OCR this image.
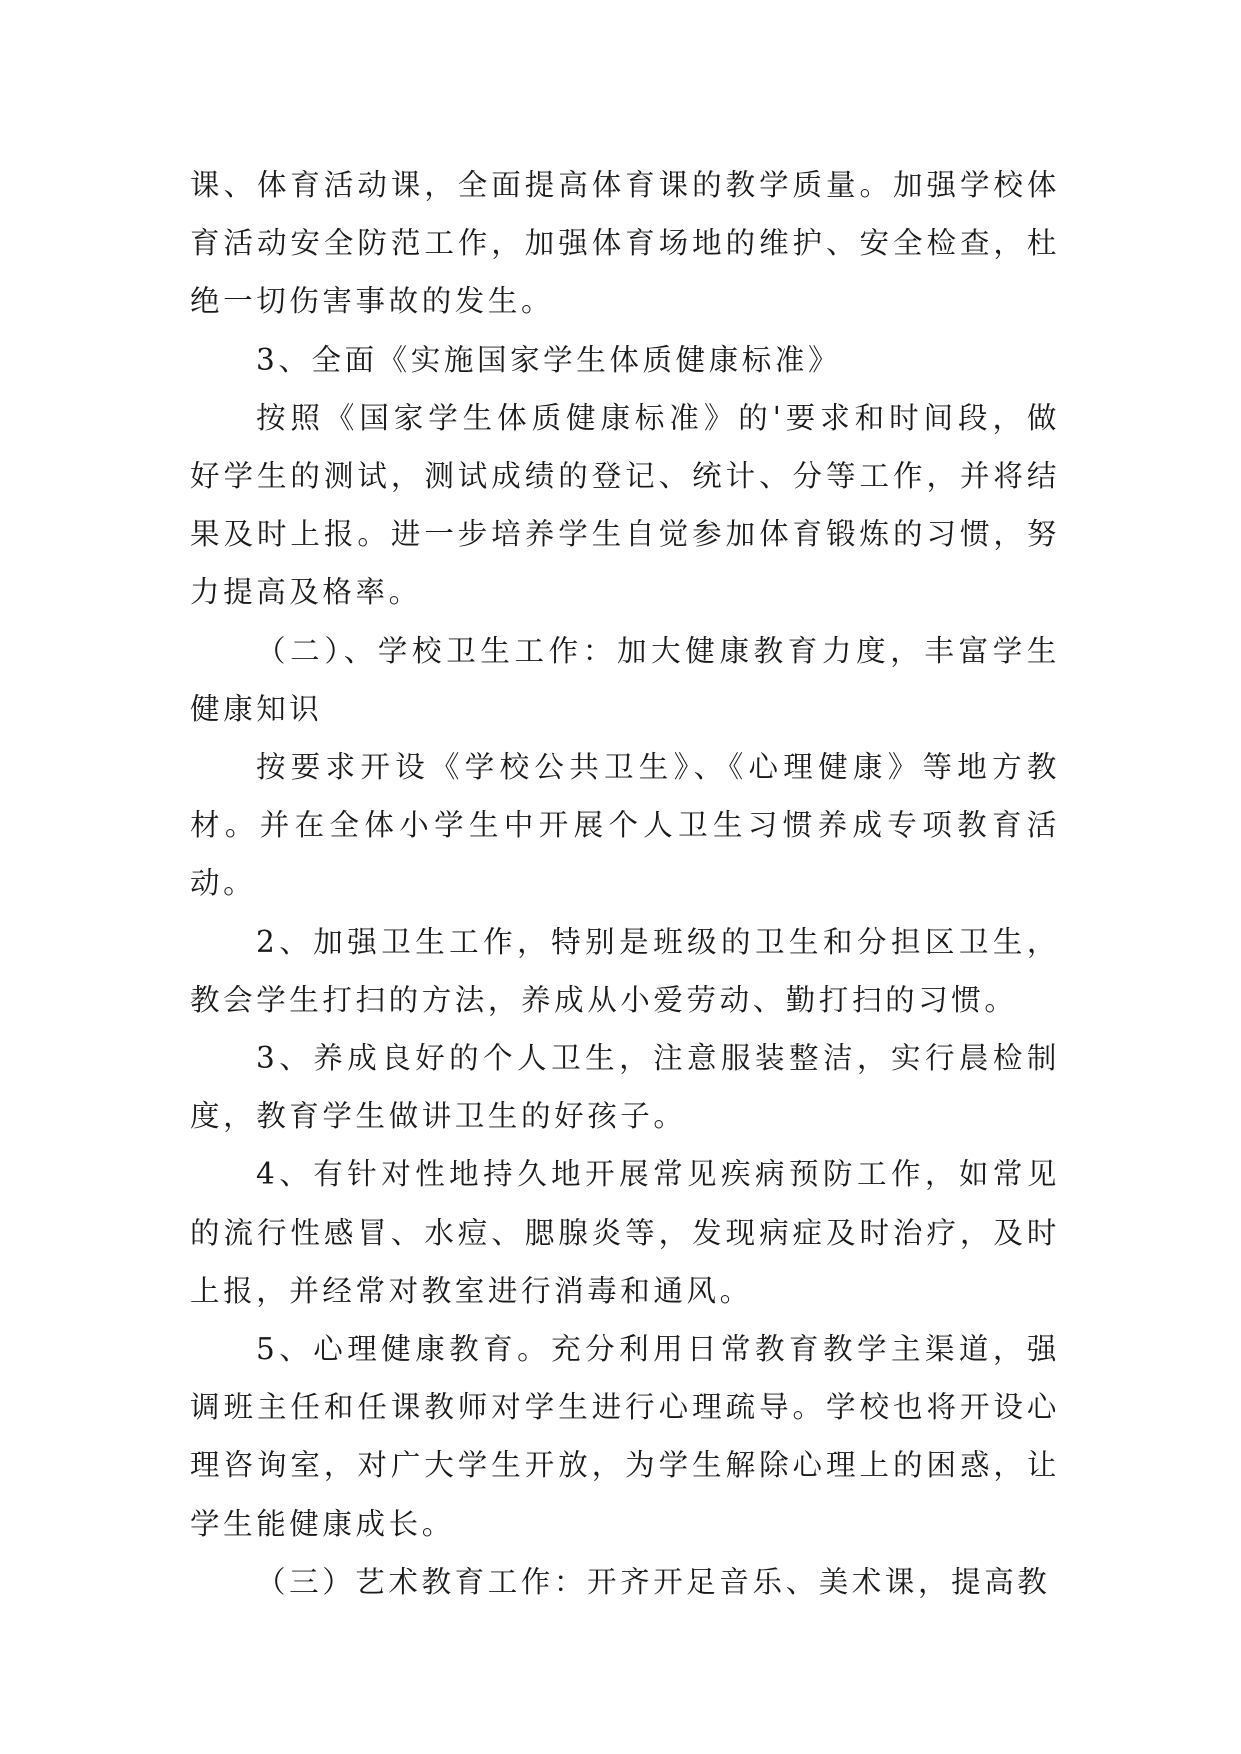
课、体育活动课，全面提高体育课的教学质量。加强学校体育活动安全防范工作，加强体育场地的维护、安全检查，杜绝一切伤害事故的发生。

3、全面《实施国家学生体质健康标准》

按照《国家学生体质健康标准》的'要求和时间段，做好学生的测试，测试成绩的登记、统计、分等工作，并将结果及时上报。进一步培养学生自觉参加体育锻炼的习惯，努力提高及格率。

（二）、学校卫生工作：加大健康教育力度，丰富学生健康知识

按要求开设《学校公共卫生》、《心理健康》等地方教材。并在全体小学生中开展个人卫生习惯养成专项教育活动。

2、加强卫生工作，特别是班级的卫生和分担区卫生，教会学生打扫的方法，养成从小爱劳动、勤打扫的习惯。

3、养成良好的个人卫生，注意服装整洁，实行晨检制度，教育学生做讲卫生的好孩子。

4、有针对性地持久地开展常见疾病预防工作，如常见的流行性感冒、水痘、腮腺炎等，发现病症及时治疗，及时上报，并经常对教室进行消毒和通风。

5、心理健康教育。充分利用日常教育教学主渠道，强调班主任和任课教师对学生进行心理疏导。学校也将开设心理咨询室，对广大学生开放，为学生解除心理上的困惑，让学生能健康成长。

（三）艺术教育工作：开齐开足音乐、美术课，提高教
